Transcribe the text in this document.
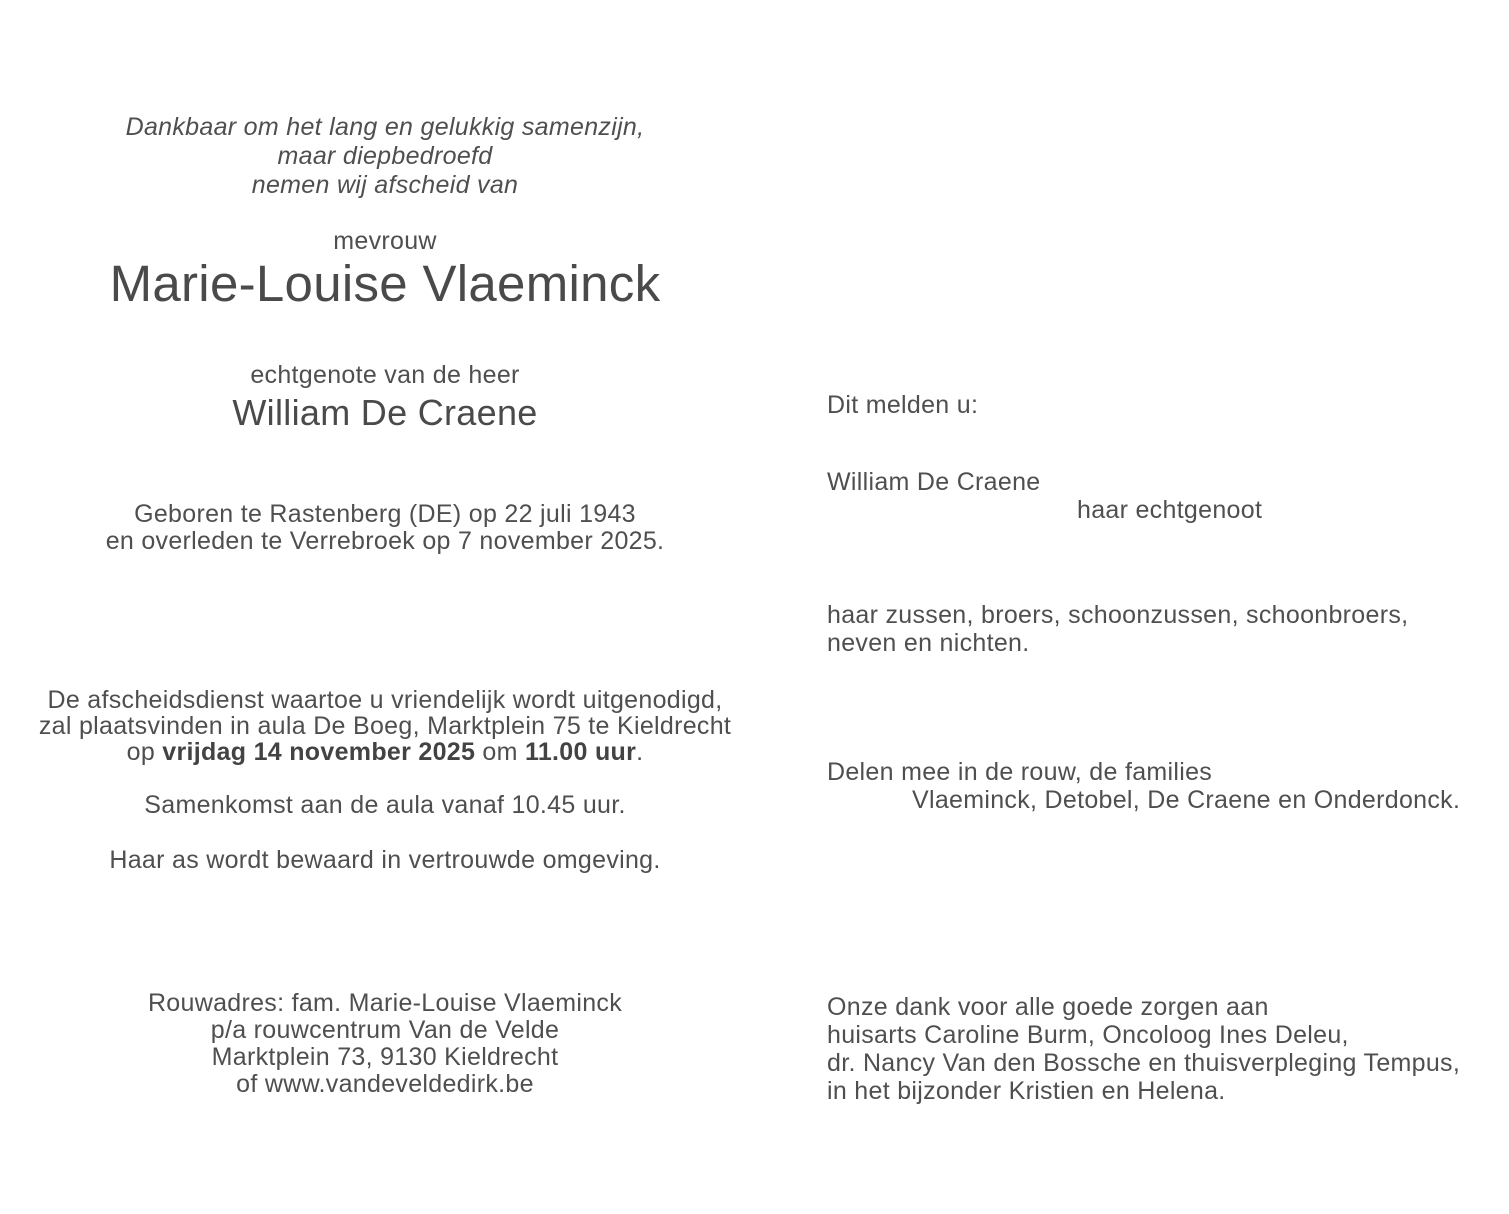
Dankbaar om het lang en gelukkig samenzijn,
maar diepbedroefd
nemen wij afscheid van
mevrouw
Marie-Louise Vlaeminck
echtgenote van de heer
William De Craene
Geboren te Rastenberg (DE) op 22 juli 1943
en overleden te Verrebroek op 7 november 2025.
De afscheidsdienst waartoe u vriendelijk wordt uitgenodigd,
zal plaatsvinden in aula De Boeg, Marktplein 75 te Kieldrecht
op vrijdag 14 november 2025 om 11.00 uur.
Samenkomst aan de aula vanaf 10.45 uur.
Haar as wordt bewaard in vertrouwde omgeving.
Rouwadres: fam. Marie-Louise Vlaeminck
p/a rouwcentrum Van de Velde
Marktplein 73, 9130 Kieldrecht
of www.vandeveldedirk.be
Dit melden u:
William De Craene
haar echtgenoot
haar zussen, broers, schoonzussen, schoonbroers,
neven en nichten.
Delen mee in de rouw, de families
Vlaeminck, Detobel, De Craene en Onderdonck.
Onze dank voor alle goede zorgen aan
huisarts Caroline Burm, Oncoloog Ines Deleu,
dr. Nancy Van den Bossche en thuisverpleging Tempus,
in het bijzonder Kristien en Helena.
